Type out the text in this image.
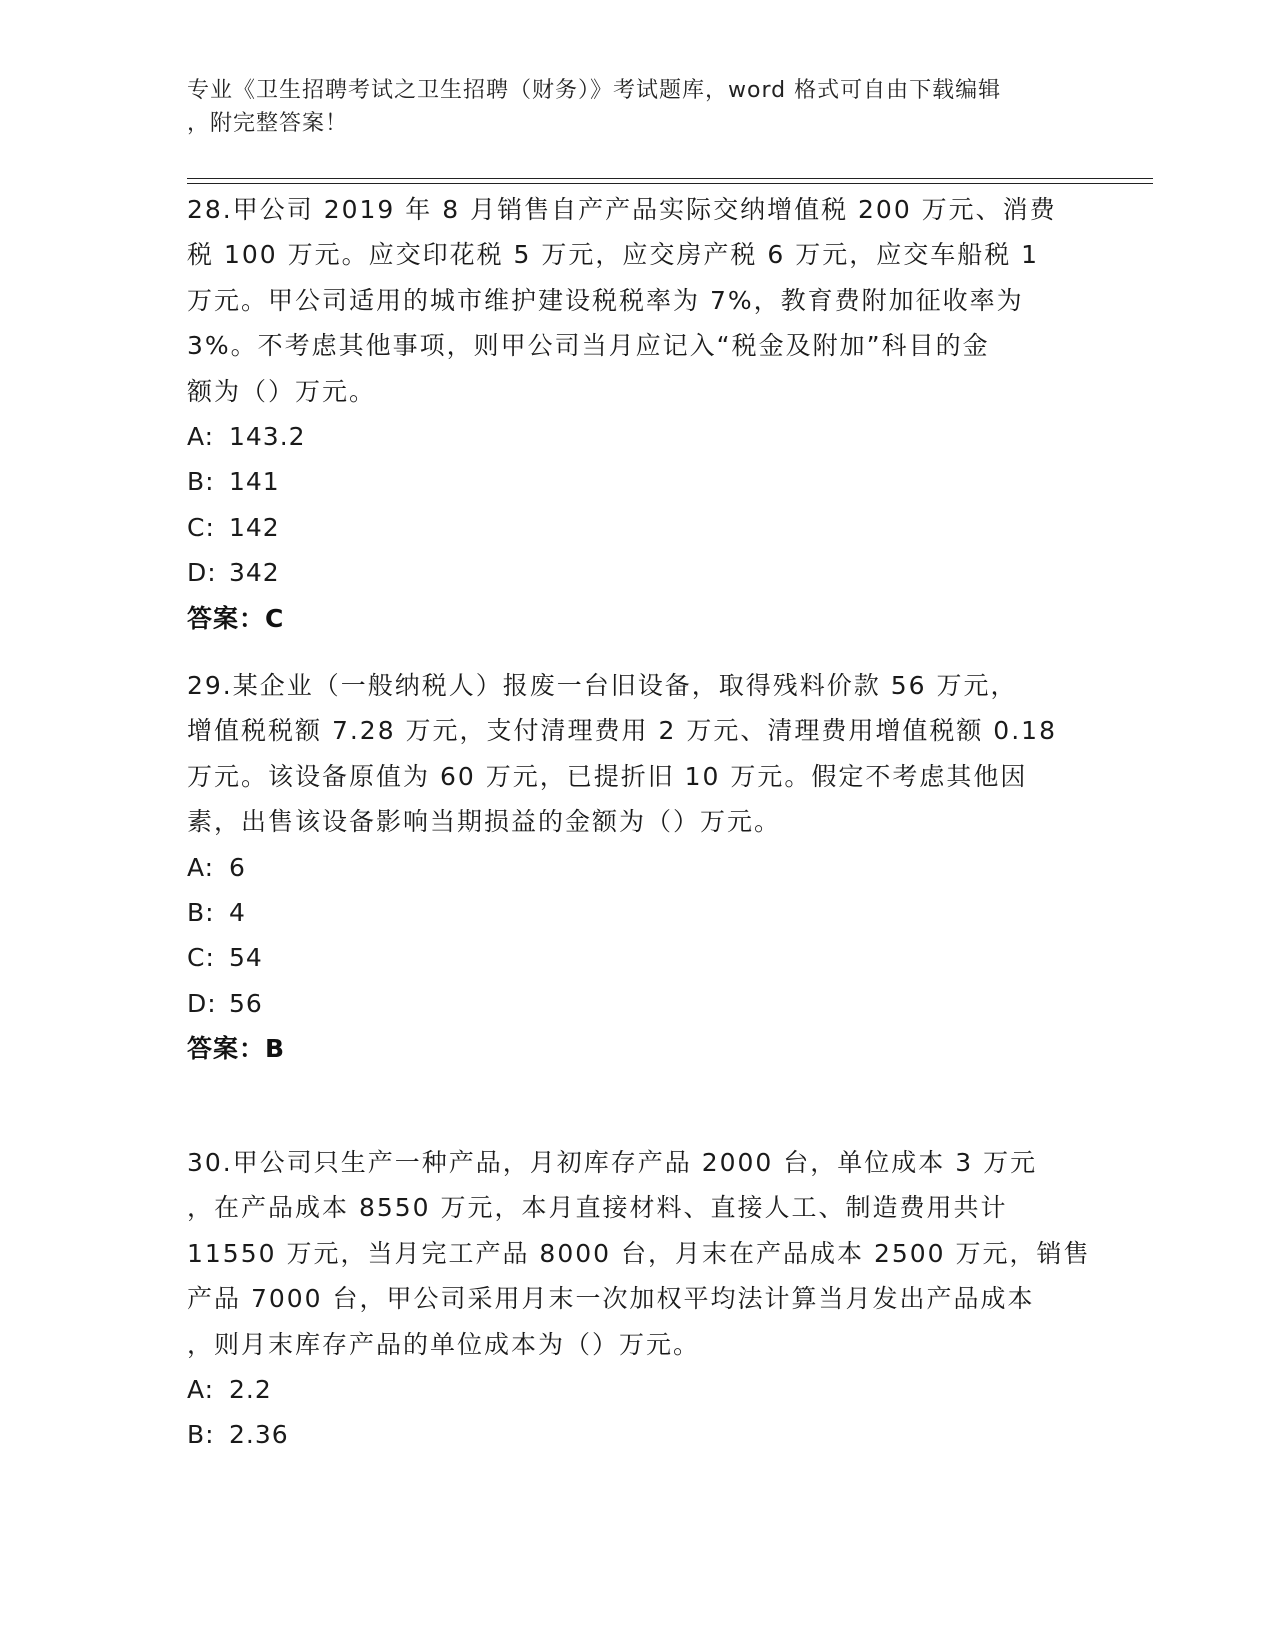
专业《卫生招聘考试之卫生招聘（财务）》考试题库，word 格式可自由下载编辑
，附完整答案！
28.甲公司 2019 年 8 月销售自产产品实际交纳增值税 200 万元、消费
税 100 万元。应交印花税 5 万元，应交房产税 6 万元，应交车船税 1
万元。甲公司适用的城市维护建设税税率为 7%，教育费附加征收率为
3%。不考虑其他事项，则甲公司当月应记入“税金及附加”科目的金
额为（）万元。
A: 143.2
B: 141
C: 142
D: 342
答案：C
29.某企业（一般纳税人）报废一台旧设备，取得残料价款 56 万元，
增值税税额 7.28 万元，支付清理费用 2 万元、清理费用增值税额 0.18
万元。该设备原值为 60 万元，已提折旧 10 万元。假定不考虑其他因
素，出售该设备影响当期损益的金额为（）万元。
A: 6
B: 4
C: 54
D: 56
答案：B
30.甲公司只生产一种产品，月初库存产品 2000 台，单位成本 3 万元
，在产品成本 8550 万元，本月直接材料、直接人工、制造费用共计
11550 万元，当月完工产品 8000 台，月末在产品成本 2500 万元，销售
产品 7000 台，甲公司采用月末一次加权平均法计算当月发出产品成本
，则月末库存产品的单位成本为（）万元。
A: 2.2
B: 2.36
